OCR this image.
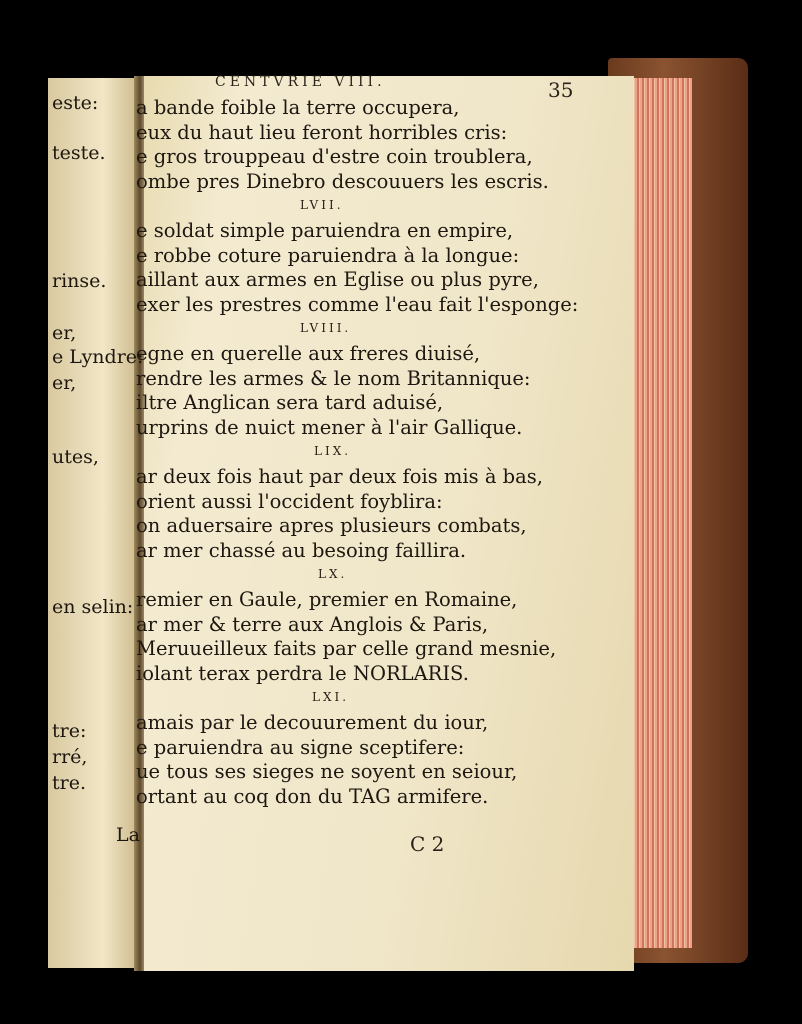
este:
teste.
rinse.
er,
e Lyndre:
er,
utes,
en selin:
tre:
rré,
tre.
La
CENTVRIE VIII.	35
a bande foible la terre occupera,
eux du haut lieu feront horribles cris:
e gros trouppeau d'estre coin troublera,
ombe pres Dinebro descouuers les escris.
LVII.
e soldat simple paruiendra en empire,
e robbe coture paruiendra à la longue:
aillant aux armes en Eglise ou plus pyre,
exer les prestres comme l'eau fait l'esponge:
LVIII.
egne en querelle aux freres diuisé,
rendre les armes & le nom Britannique:
iltre Anglican sera tard aduisé,
urprins de nuict mener à l'air Gallique.
LIX.
ar deux fois haut par deux fois mis à bas,
orient aussi l'occident foyblira:
on aduersaire apres plusieurs combats,
ar mer chassé au besoing faillira.
LX.
remier en Gaule, premier en Romaine,
ar mer & terre aux Anglois & Paris,
Meruueilleux faits par celle grand mesnie,
iolant terax perdra le NORLARIS.
LXI.
amais par le decouurement du iour,
e paruiendra au signe sceptifere:
ue tous ses sieges ne soyent en seiour,
ortant au coq don du TAG armifere.
C 2
